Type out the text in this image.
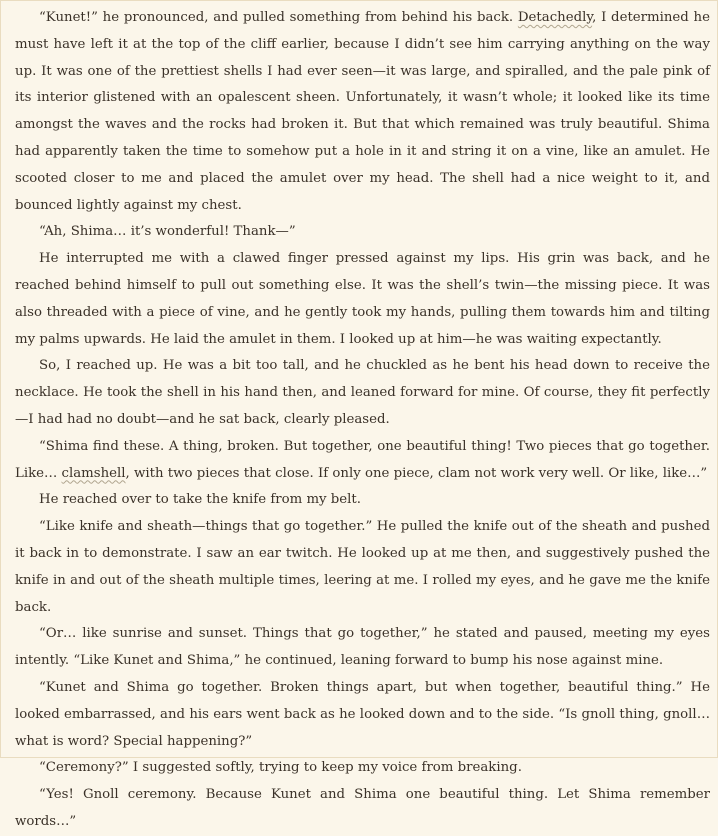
“Kunet!” he pronounced, and pulled something from behind his back. Detachedly, I determined he must have left it at the top of the cliff earlier, because I didn’t see him carrying anything on the way up. It was one of the prettiest shells I had ever seen—it was large, and spiralled, and the pale pink of its interior glistened with an opalescent sheen. Unfortunately, it wasn’t whole; it looked like its time amongst the waves and the rocks had broken it. But that which remained was truly beautiful. Shima had apparently taken the time to somehow put a hole in it and string it on a vine, like an amulet. He scooted closer to me and placed the amulet over my head. The shell had a nice weight to it, and bounced lightly against my chest.

“Ah, Shima… it’s wonderful! Thank—”

He interrupted me with a clawed finger pressed against my lips. His grin was back, and he reached behind himself to pull out something else. It was the shell’s twin—the missing piece. It was also threaded with a piece of vine, and he gently took my hands, pulling them towards him and tilting my palms upwards. He laid the amulet in them. I looked up at him—he was waiting expectantly.

So, I reached up. He was a bit too tall, and he chuckled as he bent his head down to receive the necklace. He took the shell in his hand then, and leaned forward for mine. Of course, they fit perfectly—I had had no doubt—and he sat back, clearly pleased.

“Shima find these. A thing, broken. But together, one beautiful thing! Two pieces that go together. Like… clamshell, with two pieces that close. If only one piece, clam not work very well. Or like, like…”

He reached over to take the knife from my belt.

“Like knife and sheath—things that go together.” He pulled the knife out of the sheath and pushed it back in to demonstrate. I saw an ear twitch. He looked up at me then, and suggestively pushed the knife in and out of the sheath multiple times, leering at me. I rolled my eyes, and he gave me the knife back.

“Or… like sunrise and sunset. Things that go together,” he stated and paused, meeting my eyes intently. “Like Kunet and Shima,” he continued, leaning forward to bump his nose against mine.

“Kunet and Shima go together. Broken things apart, but when together, beautiful thing.” He looked embarrassed, and his ears went back as he looked down and to the side. “Is gnoll thing, gnoll… what is word? Special happening?”

“Ceremony?” I suggested softly, trying to keep my voice from breaking.

“Yes! Gnoll ceremony. Because Kunet and Shima one beautiful thing. Let Shima remember words…”
